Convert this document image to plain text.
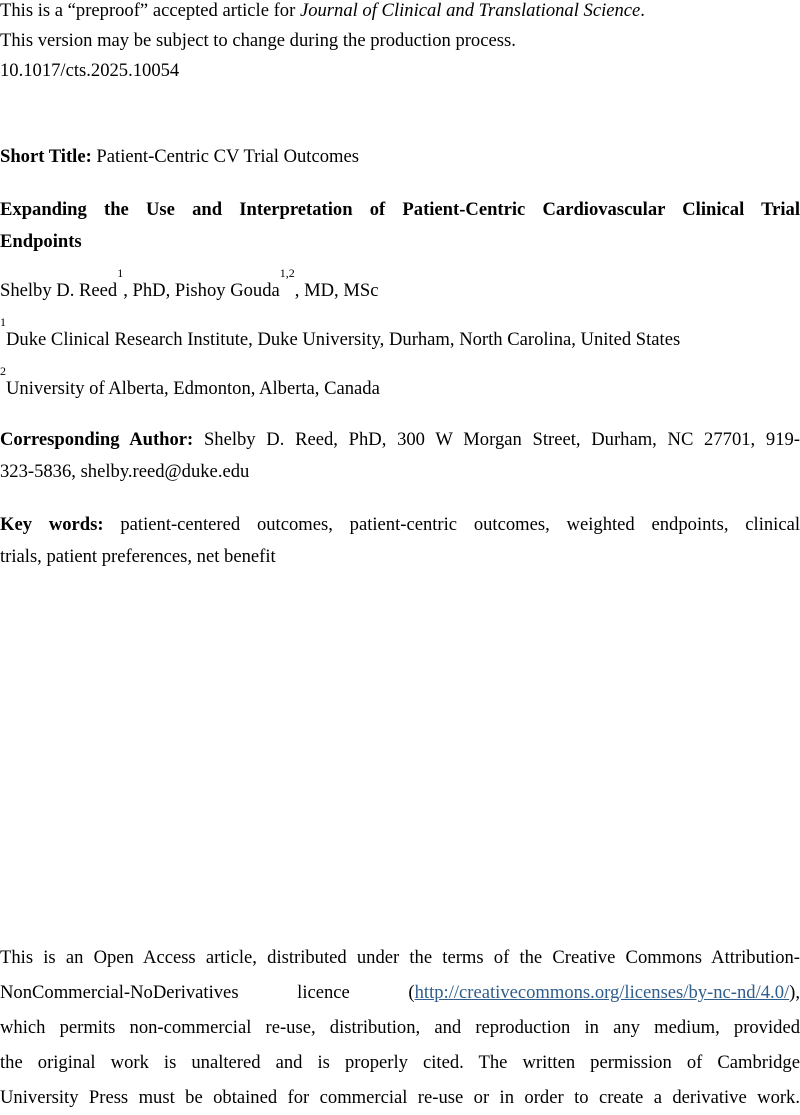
This is a “preproof” accepted article for Journal of Clinical and Translational Science.
This version may be subject to change during the production process.
10.1017/cts.2025.10054
Short Title: Patient-Centric CV Trial Outcomes
Expanding the Use and Interpretation of Patient-Centric Cardiovascular Clinical Trial
Endpoints
Shelby D. Reed$^1$, PhD, Pishoy Gouda$^{1,2}$, MD, MSc
$^1$Duke Clinical Research Institute, Duke University, Durham, North Carolina, United States
$^2$University of Alberta, Edmonton, Alberta, Canada
Corresponding Author: Shelby D. Reed, PhD, 300 W Morgan Street, Durham, NC 27701, 919-
323-5836, shelby.reed@duke.edu
Key words: patient-centered outcomes, patient-centric outcomes, weighted endpoints, clinical
trials, patient preferences, net benefit
This is an Open Access article, distributed under the terms of the Creative Commons Attribution-
NonCommercial-NoDerivatives licence (http://creativecommons.org/licenses/by-nc-nd/4.0/),
which permits non-commercial re-use, distribution, and reproduction in any medium, provided
the original work is unaltered and is properly cited. The written permission of Cambridge
University Press must be obtained for commercial re-use or in order to create a derivative work.
